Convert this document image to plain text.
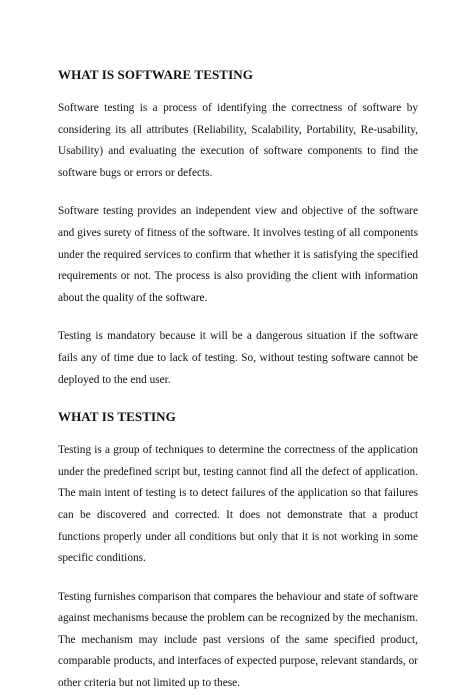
WHAT IS SOFTWARE TESTING

Software testing is a process of identifying the correctness of software by considering its all attributes (Reliability, Scalability, Portability, Re-usability, Usability) and evaluating the execution of software components to find the software bugs or errors or defects.

Software testing provides an independent view and objective of the software and gives surety of fitness of the software. It involves testing of all components under the required services to confirm that whether it is satisfying the specified requirements or not. The process is also providing the client with information about the quality of the software.

Testing is mandatory because it will be a dangerous situation if the software fails any of time due to lack of testing. So, without testing software cannot be deployed to the end user.

WHAT IS TESTING

Testing is a group of techniques to determine the correctness of the application under the predefined script but, testing cannot find all the defect of application. The main intent of testing is to detect failures of the application so that failures can be discovered and corrected. It does not demonstrate that a product functions properly under all conditions but only that it is not working in some specific conditions.

Testing furnishes comparison that compares the behaviour and state of software against mechanisms because the problem can be recognized by the mechanism. The mechanism may include past versions of the same specified product, comparable products, and interfaces of expected purpose, relevant standards, or other criteria but not limited up to these.
